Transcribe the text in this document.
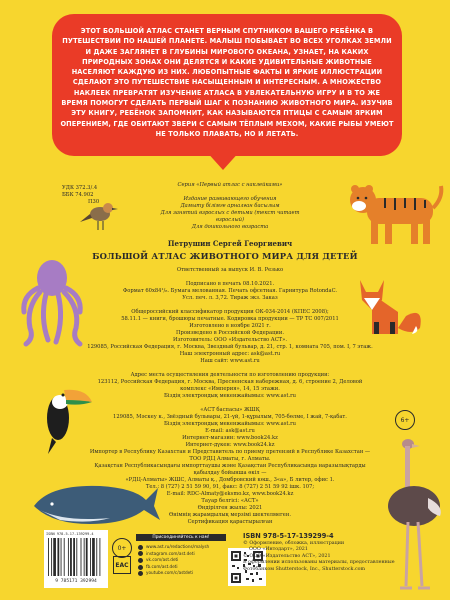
ЭТОТ БОЛЬШОЙ АТЛАС СТАНЕТ ВЕРНЫМ СПУТНИКОМ ВАШЕГО РЕБЁНКА В ПУТЕШЕСТВИИ ПО НАШЕЙ ПЛАНЕТЕ. МАЛЫШ ПОБЫВАЕТ ВО ВСЕХ УГОЛКАХ ЗЕМЛИ И ДАЖЕ ЗАГЛЯНЕТ В ГЛУБИНЫ МИРОВОГО ОКЕАНА, УЗНАЕТ, НА КАКИХ ПРИРОДНЫХ ЗОНАХ ОНИ ДЕЛЯТСЯ И КАКИЕ УДИВИТЕЛЬНЫЕ ЖИВОТНЫЕ НАСЕЛЯЮТ КАЖДУЮ ИЗ НИХ. ЛЮБОПЫТНЫЕ ФАКТЫ И ЯРКИЕ ИЛЛЮСТРАЦИИ СДЕЛАЮТ ЭТО ПУТЕШЕСТВИЕ НАСЫЩЕННЫМ И ИНТЕРЕСНЫМ. А МНОЖЕСТВО НАКЛЕЕК ПРЕВРАТЯТ ИЗУЧЕНИЕ АТЛАСА В УВЛЕКАТЕЛЬНУЮ ИГРУ И В ТО ЖЕ ВРЕМЯ ПОМОГУТ СДЕЛАТЬ ПЕРВЫЙ ШАГ К ПОЗНАНИЮ ЖИВОТНОГО МИРА. ИЗУЧИВ ЭТУ КНИГУ, РЕБЁНОК ЗАПОМНИТ, КАК НАЗЫВАЮТСЯ ПТИЦЫ С САМЫМ ЯРКИМ ОПЕРЕНИЕМ, ГДЕ ОБИТАЮТ ЗВЕРИ С САМЫМ ТЁПЛЫМ МЕХОМ, КАКИЕ РЫБЫ УМЕЮТ НЕ ТОЛЬКО ПЛАВАТЬ, НО И ЛЕТАТЬ.
УДК 372.3/.4
ББК 74.902
П30
Серия «Первый атлас с наклейками»
Издание развивающего обучения
Дамыту білімге арналған басылым
Для занятий взрослых с детьми (текст читает взрослый)
Для дошкольного возраста
Петрушин Сергей Георгиевич
БОЛЬШОЙ АТЛАС ЖИВОТНОГО МИРА ДЛЯ ДЕТЕЙ

Ответственный за выпуск И. В. Резько

Подписано в печать 08.10.2021.

Формат 60x84¹/₈. Бумага мелованная. Печать офсетная. Гарнитура RotondaC.

Усл. печ. л. 3,72. Тираж экз. Заказ

Общероссийский классификатор продукции ОК-034-2014 (КПЕС 2008);

58.11.1 — книги, брошюры печатные. Кодировка продукции — ТР ТС 007/2011

Изготовлено в ноябре 2021 г.

Произведено в Российской Федерации.

Изготовитель: ООО «Издательство АСТ».

129085, Российская Федерация, г. Москва, Звездный бульвар, д. 21, стр. 1, комната 705, пом. I, 7 этаж.

Наш электронный адрес: ask@ast.ru

Наш сайт: www.ast.ru

Адрес места осуществления деятельности по изготовлению продукции:

123112, Российская Федерация, г. Москва, Пресненская набережная, д. 6, строение 2, Деловой комплекс «Империя», 14, 15 этажи.

Біздің электрондық мекенжайымыз: www.ast.ru

«АСТ баспасы» ЖШҚ

129085, Мәскеу к., Звёздный бульвары, 21-үй, 1-құрылым, 705-бөлме, I жай, 7-қабат.

Біздің электрондық мекенжайымыз: www.ast.ru

E-mail: ask@ast.ru

Интернет-магазин: www.book24.kz

Интернет-дүкен: www.book24.kz

Импортер в Республику Казахстан и Представитель по приему претензий в Республике Казахстан —

ТОО РДЦ Алматы, г. Алматы.

Қазақстан Республикасындағы импорттаушы және Қазақстан Республикасында наразылықтарды қабылдау бойынша өкіл —

«РДЦ-Алматы» ЖШС, Алматы қ., Домбровский көш., 3«а», Б литер, офис 1.

Тел.: 8 (727) 2 51 59 90, 91, факс: 8 (727) 2 51 59 92 ішк. 107;

E-mail: RDC-Almaty@eksmo.kz, www.book24.kz

Тауар белгісі: «АСТ»

Өндірілген жылы: 2021

Өнімнің жарамдылық мерзімі шектелмеген.

Сертификация қарастырылған

6+
ISBN 978-5-17-139299-4
9 785171 392994
EAC
0+
Присоединяйтесь к нам!
www.ast.ru/redactions/malysh
instagram.com/ast.deti
vk.com/ast.deti
fb.com/ast.deti
youtube.com/c/astdeti
ISBN 978-5-17-139299-4

© Оформление, обложка, иллюстрации

ООО «Интодарт», 2021

© ООО «Издательство АСТ», 2021

В оформлении использованы материалы, предоставленные

Фотобанком Shutterstock, Inc., Shutterstock.com
